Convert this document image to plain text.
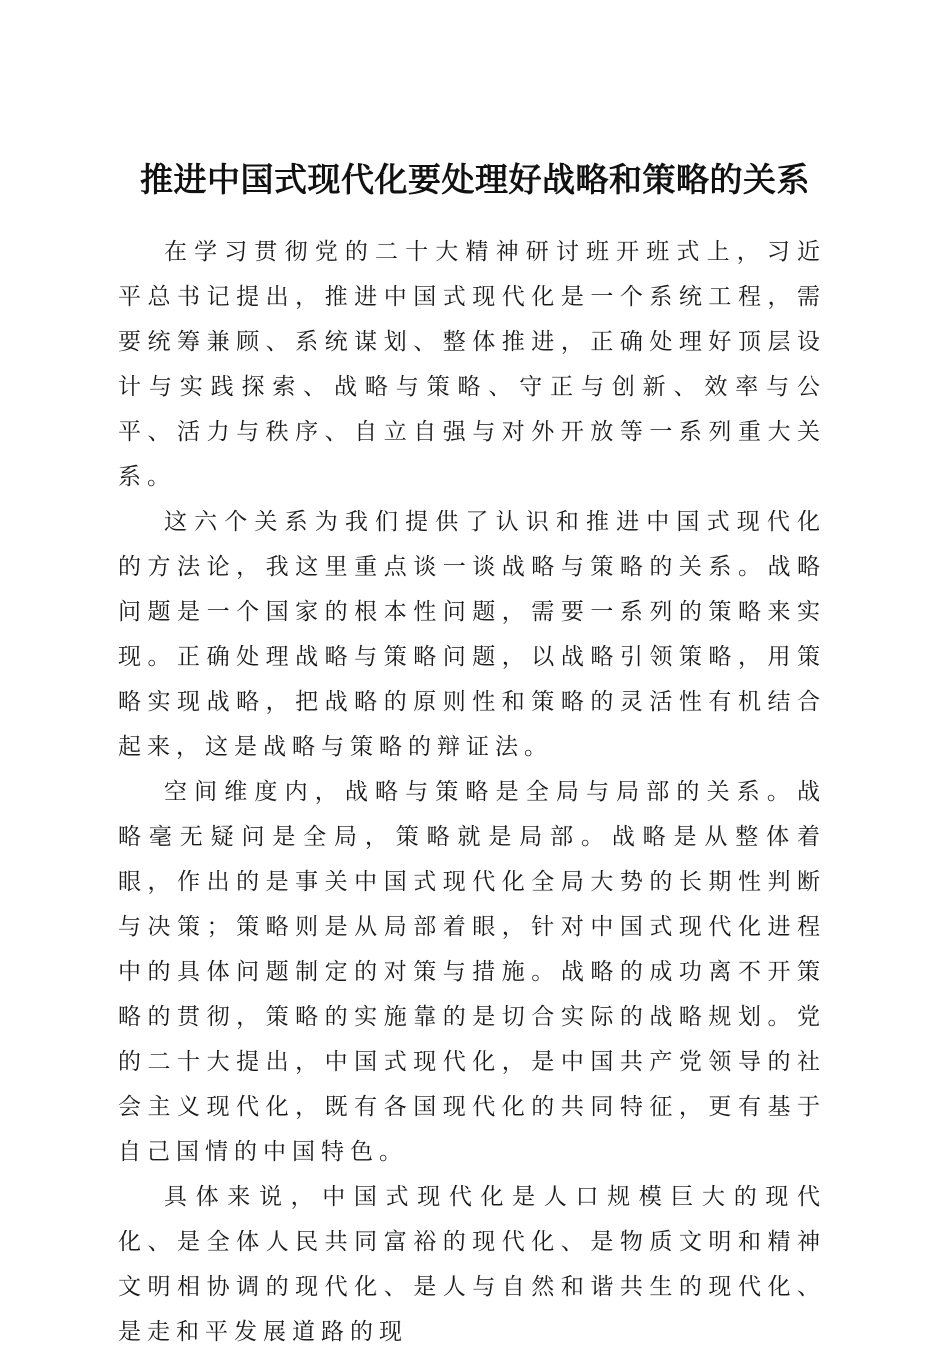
推进中国式现代化要处理好战略和策略的关系

在学习贯彻党的二十大精神研讨班开班式上，习近平总书记提出，推进中国式现代化是一个系统工程，需要统筹兼顾、系统谋划、整体推进，正确处理好顶层设计与实践探索、战略与策略、守正与创新、效率与公平、活力与秩序、自立自强与对外开放等一系列重大关系。

这六个关系为我们提供了认识和推进中国式现代化的方法论，我这里重点谈一谈战略与策略的关系。战略问题是一个国家的根本性问题，需要一系列的策略来实现。正确处理战略与策略问题，以战略引领策略，用策略实现战略，把战略的原则性和策略的灵活性有机结合起来，这是战略与策略的辩证法。

空间维度内，战略与策略是全局与局部的关系。战略毫无疑问是全局，策略就是局部。战略是从整体着眼，作出的是事关中国式现代化全局大势的长期性判断与决策；策略则是从局部着眼，针对中国式现代化进程中的具体问题制定的对策与措施。战略的成功离不开策略的贯彻，策略的实施靠的是切合实际的战略规划。党的二十大提出，中国式现代化，是中国共产党领导的社会主义现代化，既有各国现代化的共同特征，更有基于自己国情的中国特色。

具体来说，中国式现代化是人口规模巨大的现代化、是全体人民共同富裕的现代化、是物质文明和精神文明相协调的现代化、是人与自然和谐共生的现代化、是走和平发展道路的现
